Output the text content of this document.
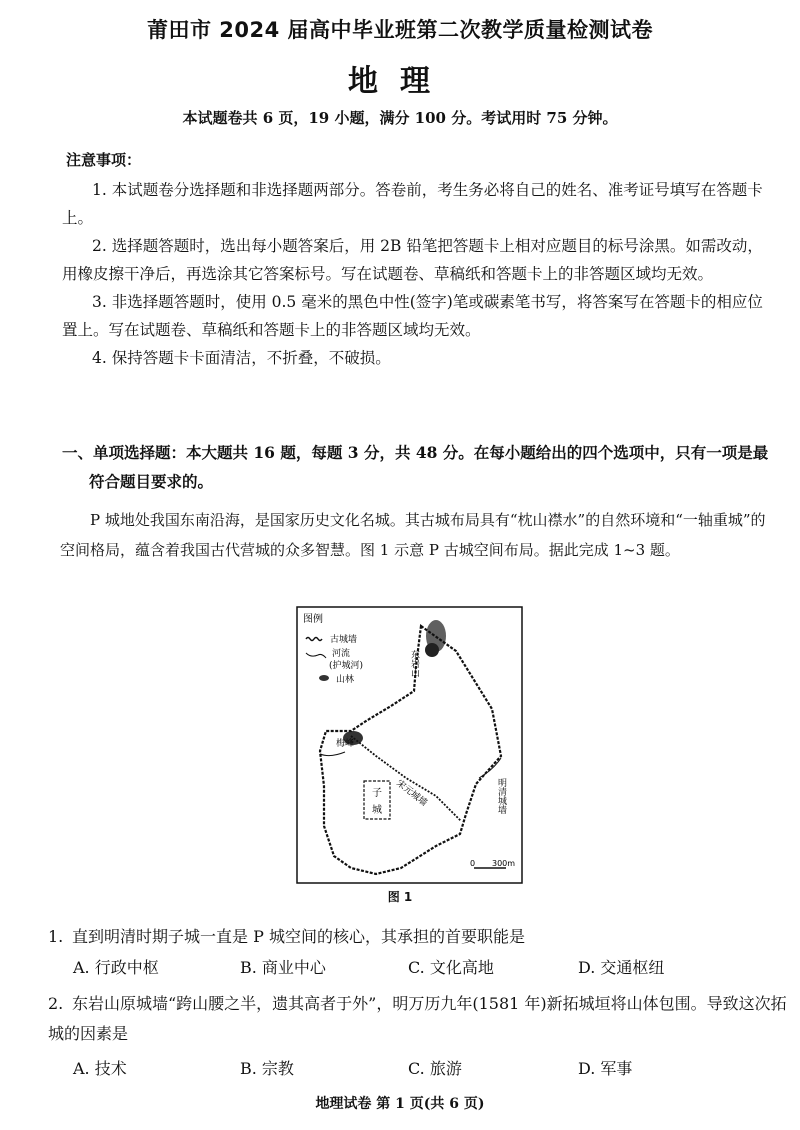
莆田市 2024 届高中毕业班第二次教学质量检测试卷
地理
本试题卷共 6 页，19 小题，满分 100 分。考试用时 75 分钟。
注意事项：

1. 本试题卷分选择题和非选择题两部分。答卷前，考生务必将自己的姓名、准考证号填写在答题卡上。

2. 选择题答题时，选出每小题答案后，用 2B 铅笔把答题卡上相对应题目的标号涂黑。如需改动，用橡皮擦干净后，再选涂其它答案标号。写在试题卷、草稿纸和答题卡上的非答题区域均无效。

3. 非选择题答题时，使用 0.5 毫米的黑色中性(签字)笔或碳素笔书写，将答案写在答题卡的相应位置上。写在试题卷、草稿纸和答题卡上的非答题区域均无效。

4. 保持答题卡卡面清洁，不折叠，不破损。

一、单项选择题：本大题共 16 题，每题 3 分，共 48 分。在每小题给出的四个选项中，只有一项是最
符合题目要求的。

P 城地处我国东南沿海，是国家历史文化名城。其古城布局具有“枕山襟水”的自然环境和“一轴重城”的空间格局，蕴含着我国古代营城的众多智慧。图 1 示意 P 古城空间布局。据此完成 1~3 题。

图例
古城墙
河流
(护城河)
山林
子
城
东岩山
梅峰
宋元城墙	明清城墙
0 300m
图 1
1. 直到明清时期子城一直是 P 城空间的核心，其承担的首要职能是
A. 行政中枢	B. 商业中心	C. 文化高地	D. 交通枢纽
2. 东岩山原城墙“跨山腰之半，遗其高者于外”，明万历九年(1581 年)新拓城垣将山体包围。导致这次拓城的因素是
A. 技术	B. 宗教	C. 旅游	D. 军事
地理试卷 第 1 页(共 6 页)
